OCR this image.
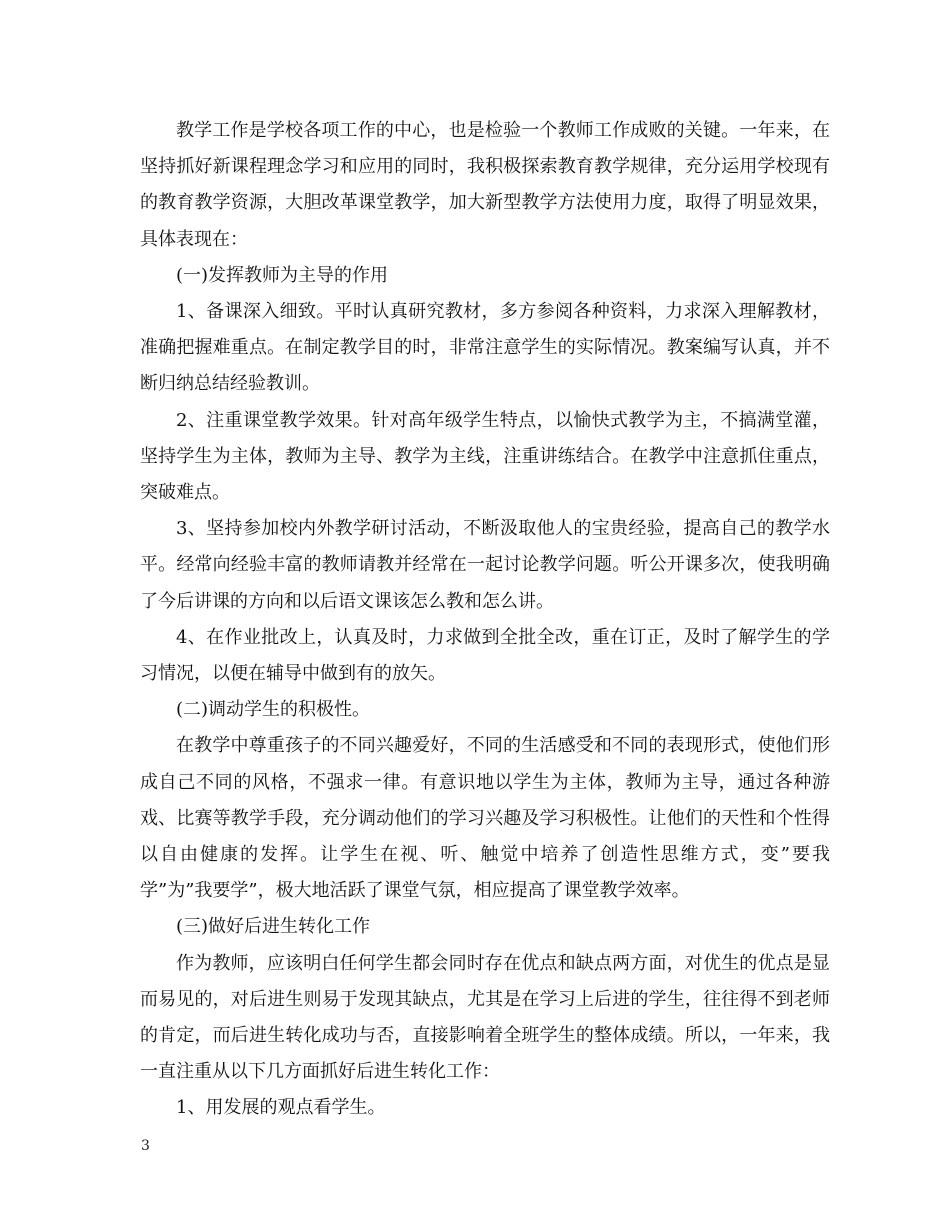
教学工作是学校各项工作的中心，也是检验一个教师工作成败的关键。一年来，在坚持抓好新课程理念学习和应用的同时，我积极探索教育教学规律，充分运用学校现有的教育教学资源，大胆改革课堂教学，加大新型教学方法使用力度，取得了明显效果，具体表现在：

(一)发挥教师为主导的作用

1、备课深入细致。平时认真研究教材，多方参阅各种资料，力求深入理解教材，准确把握难重点。在制定教学目的时，非常注意学生的实际情况。教案编写认真，并不断归纳总结经验教训。

2、注重课堂教学效果。针对高年级学生特点，以愉快式教学为主，不搞满堂灌，坚持学生为主体，教师为主导、教学为主线，注重讲练结合。在教学中注意抓住重点，突破难点。

3、坚持参加校内外教学研讨活动，不断汲取他人的宝贵经验，提高自己的教学水平。经常向经验丰富的教师请教并经常在一起讨论教学问题。听公开课多次，使我明确了今后讲课的方向和以后语文课该怎么教和怎么讲。

4、在作业批改上，认真及时，力求做到全批全改，重在订正，及时了解学生的学习情况，以便在辅导中做到有的放矢。

(二)调动学生的积极性。

在教学中尊重孩子的不同兴趣爱好，不同的生活感受和不同的表现形式，使他们形成自己不同的风格，不强求一律。有意识地以学生为主体，教师为主导，通过各种游戏、比赛等教学手段，充分调动他们的学习兴趣及学习积极性。让他们的天性和个性得以自由健康的发挥。让学生在视、听、触觉中培养了创造性思维方式，变”要我学”为”我要学”，极大地活跃了课堂气氛，相应提高了课堂教学效率。

(三)做好后进生转化工作

作为教师，应该明白任何学生都会同时存在优点和缺点两方面，对优生的优点是显而易见的，对后进生则易于发现其缺点，尤其是在学习上后进的学生，往往得不到老师的肯定，而后进生转化成功与否，直接影响着全班学生的整体成绩。所以，一年来，我一直注重从以下几方面抓好后进生转化工作：

1、用发展的观点看学生。

3
